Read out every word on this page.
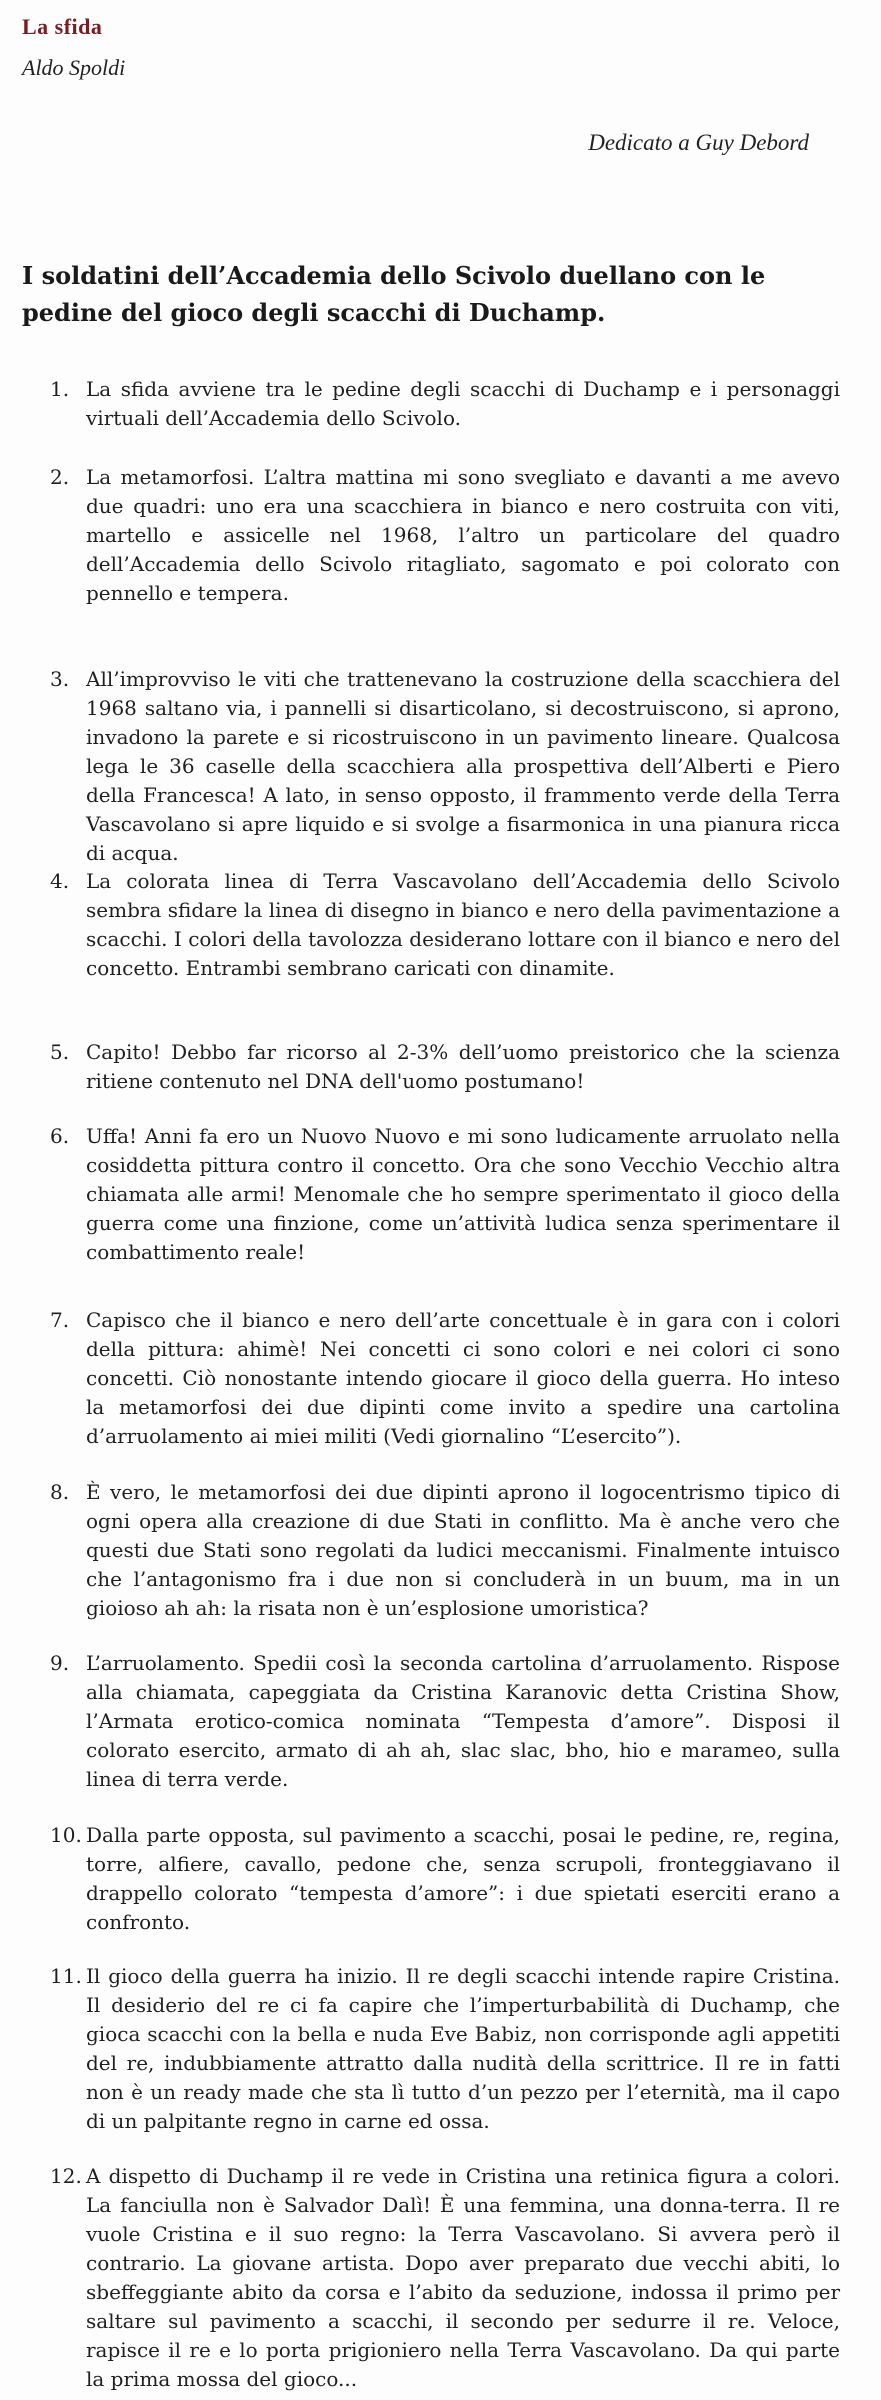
La sfida
Aldo Spoldi
Dedicato a Guy Debord
I soldatini dell’Accademia dello Scivolo duellano con le pedine del gioco degli scacchi di Duchamp.
1. La sfida avviene tra le pedine degli scacchi di Duchamp e i personaggi virtuali dell’Accademia dello Scivolo.
2. La metamorfosi. L’altra mattina mi sono svegliato e davanti a me avevo due quadri: uno era una scacchiera in bianco e nero costruita con viti, martello e assicelle nel 1968, l’altro un particolare del quadro dell’Accademia dello Scivolo ritagliato, sagomato e poi colorato con pennello e tempera.
3. All’improvviso le viti che trattenevano la costruzione della scacchiera del 1968 saltano via, i pannelli si disarticolano, si decostruiscono, si aprono, invadono la parete e si ricostruiscono in un pavimento lineare. Qualcosa lega le 36 caselle della scacchiera alla prospettiva dell’Alberti e Piero della Francesca! A lato, in senso opposto, il frammento verde della Terra Vascavolano si apre liquido e si svolge a fisarmonica in una pianura ricca di acqua.
4. La colorata linea di Terra Vascavolano dell’Accademia dello Scivolo sembra sfidare la linea di disegno in bianco e nero della pavimentazione a scacchi. I colori della tavolozza desiderano lottare con il bianco e nero del concetto. Entrambi sembrano caricati con dinamite.
5. Capito! Debbo far ricorso al 2-3% dell’uomo preistorico che la scienza ritiene contenuto nel DNA dell'uomo postumano!
6. Uffa! Anni fa ero un Nuovo Nuovo e mi sono ludicamente arruolato nella cosiddetta pittura contro il concetto. Ora che sono Vecchio Vecchio altra chiamata alle armi! Menomale che ho sempre sperimentato il gioco della guerra come una finzione, come un’attività ludica senza sperimentare il combattimento reale!
7. Capisco che il bianco e nero dell’arte concettuale è in gara con i colori della pittura: ahimè! Nei concetti ci sono colori e nei colori ci sono concetti. Ciò nonostante intendo giocare il gioco della guerra. Ho inteso la metamorfosi dei due dipinti come invito a spedire una cartolina d’arruolamento ai miei militi (Vedi giornalino “L’esercito”).
8. È vero, le metamorfosi dei due dipinti aprono il logocentrismo tipico di ogni opera alla creazione di due Stati in conflitto. Ma è anche vero che questi due Stati sono regolati da ludici meccanismi. Finalmente intuisco che l’antagonismo fra i due non si concluderà in un buum, ma in un gioioso ah ah: la risata non è un’esplosione umoristica?
9. L’arruolamento. Spedii così la seconda cartolina d’arruolamento. Rispose alla chiamata, capeggiata da Cristina Karanovic detta Cristina Show, l’Armata erotico-comica nominata “Tempesta d’amore”. Disposi il colorato esercito, armato di ah ah, slac slac, bho, hio e marameo, sulla linea di terra verde.
10. Dalla parte opposta, sul pavimento a scacchi, posai le pedine, re, regina, torre, alfiere, cavallo, pedone che, senza scrupoli, fronteggiavano il drappello colorato “tempesta d’amore”: i due spietati eserciti erano a confronto.
11. Il gioco della guerra ha inizio. Il re degli scacchi intende rapire Cristina. Il desiderio del re ci fa capire che l’imperturbabilità di Duchamp, che gioca scacchi con la bella e nuda Eve Babiz, non corrisponde agli appetiti del re, indubbiamente attratto dalla nudità della scrittrice. Il re in fatti non è un ready made che sta lì tutto d’un pezzo per l’eternità, ma il capo di un palpitante regno in carne ed ossa.
12. A dispetto di Duchamp il re vede in Cristina una retinica figura a colori. La fanciulla non è Salvador Dalì! È una femmina, una donna-terra. Il re vuole Cristina e il suo regno: la Terra Vascavolano. Si avvera però il contrario. La giovane artista. Dopo aver preparato due vecchi abiti, lo sbeffeggiante abito da corsa e l’abito da seduzione, indossa il primo per saltare sul pavimento a scacchi, il secondo per sedurre il re. Veloce, rapisce il re e lo porta prigioniero nella Terra Vascavolano. Da qui parte la prima mossa del gioco...
